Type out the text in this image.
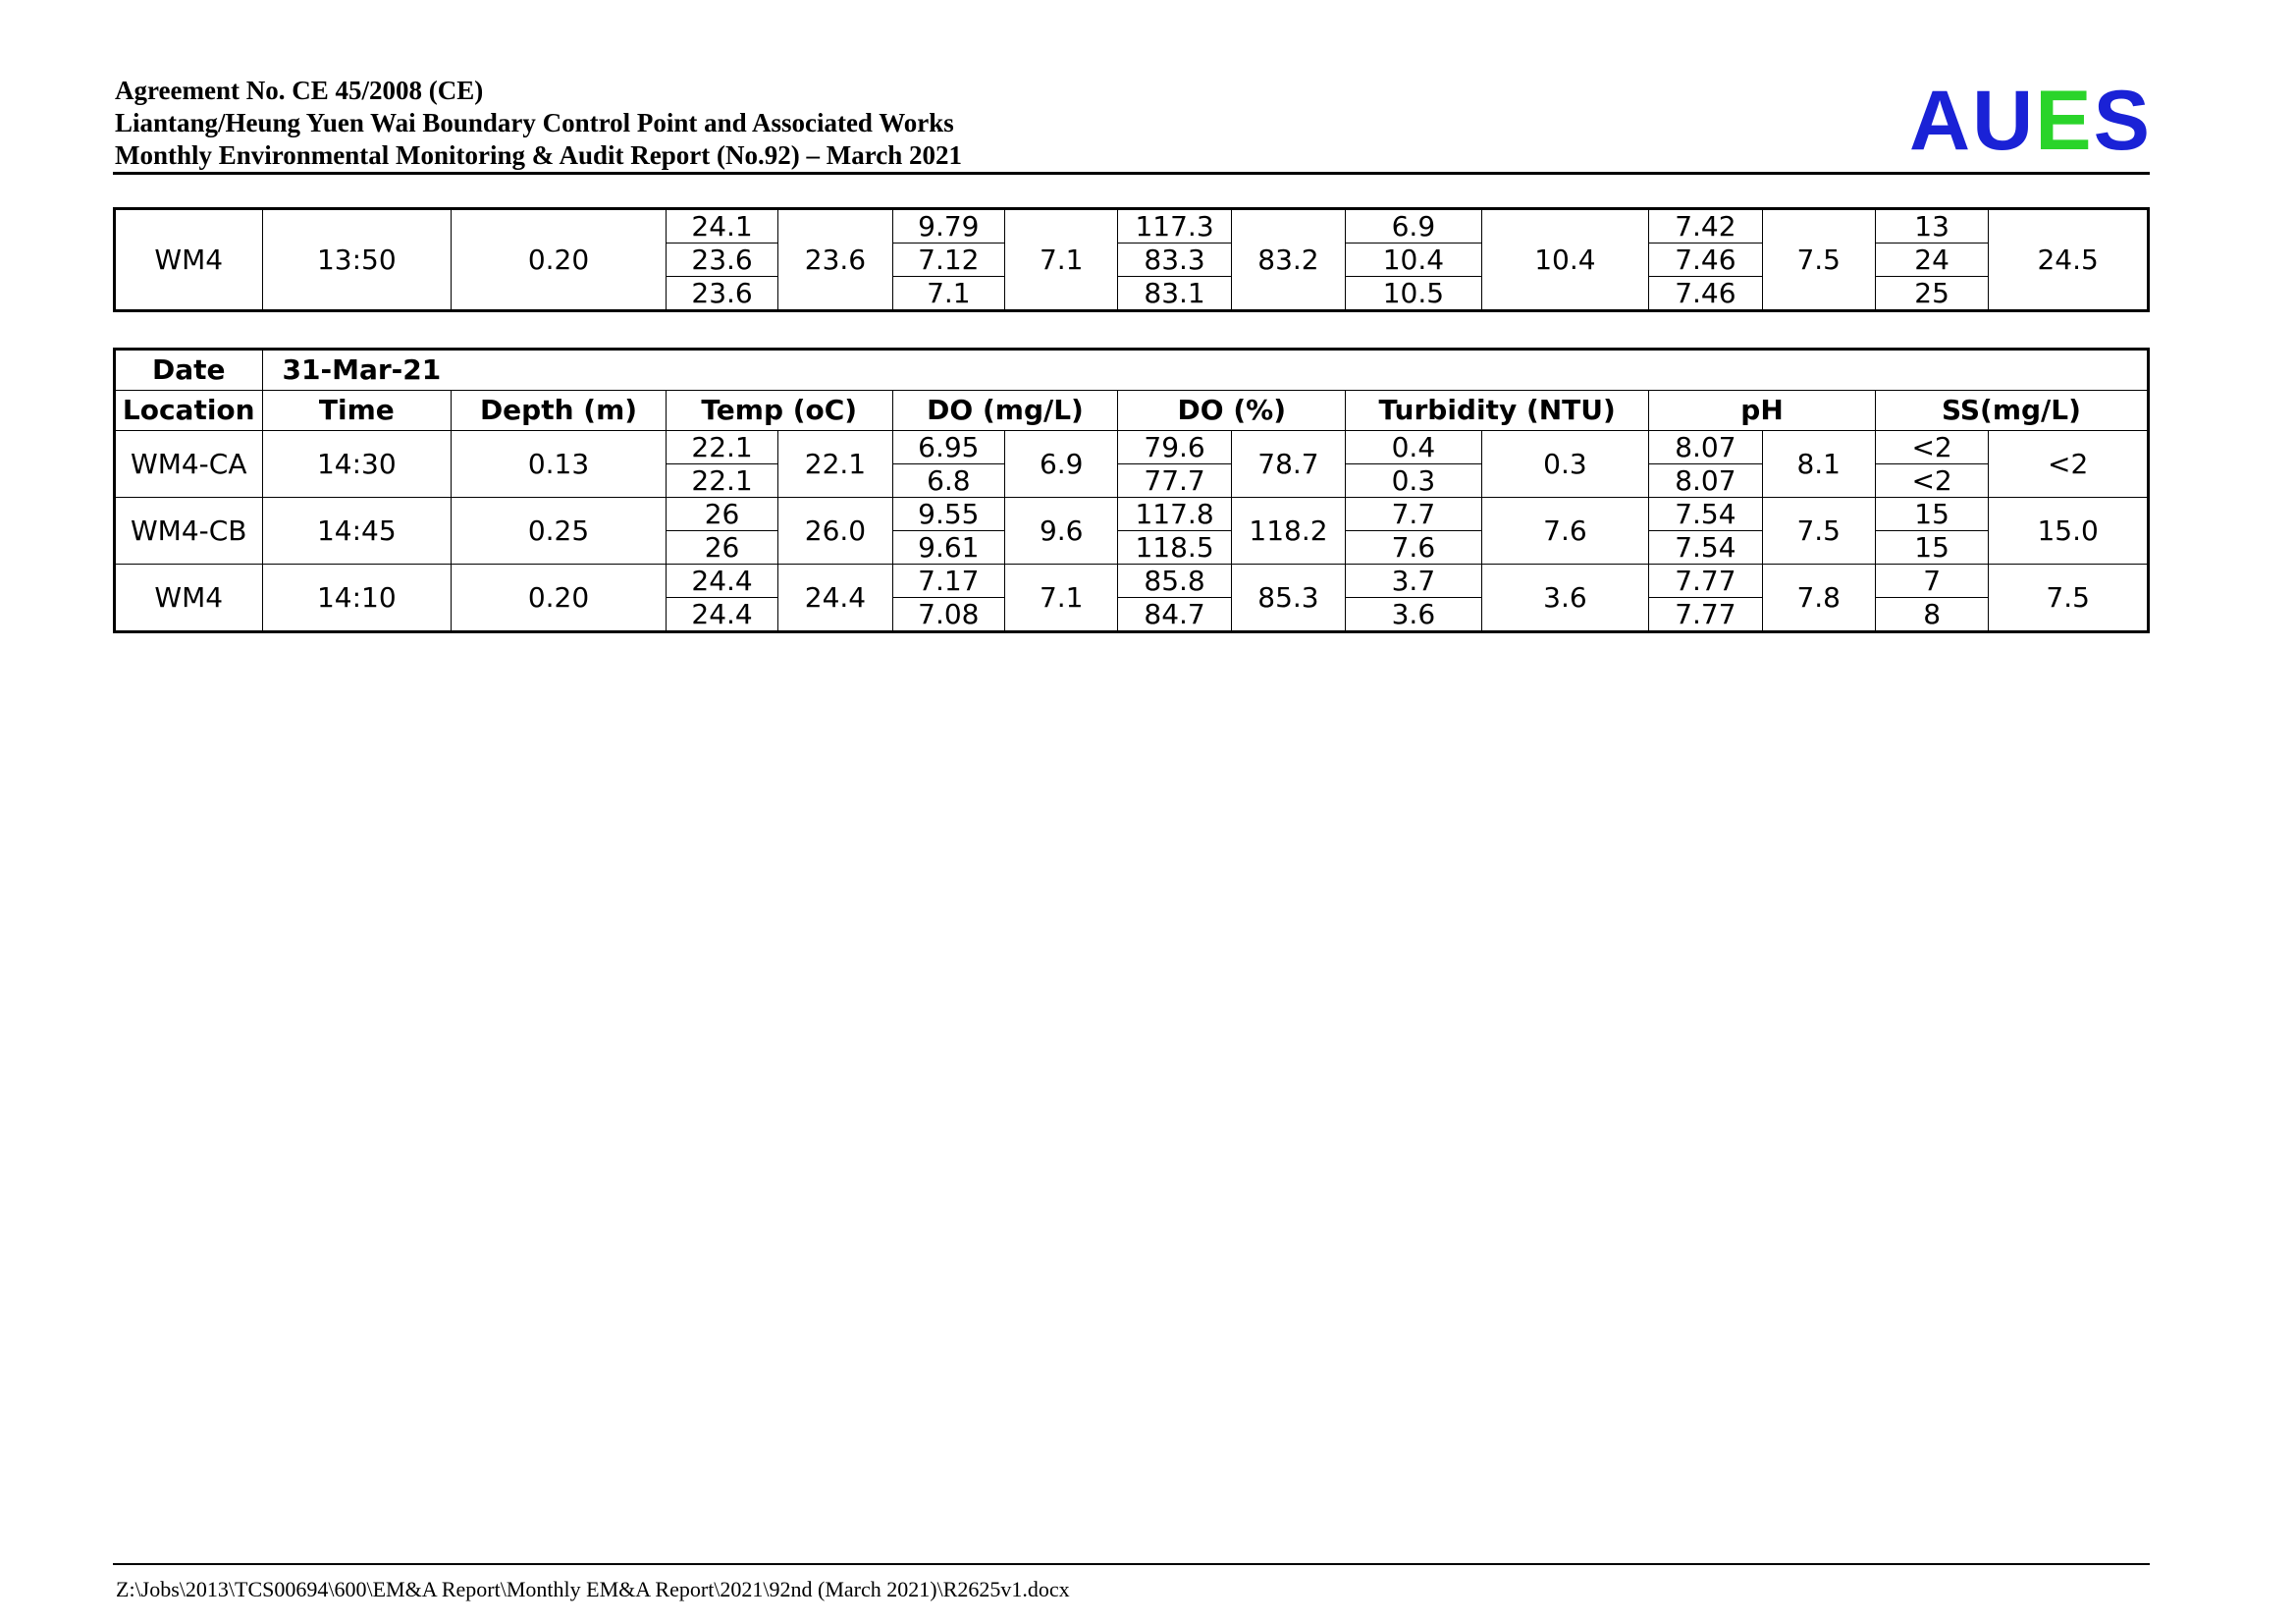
Agreement No. CE 45/2008 (CE)
Liantang/Heung Yuen Wai Boundary Control Point and Associated Works
Monthly Environmental Monitoring & Audit Report (No.92) – March 2021	AUES
WM4	13:50	0.20	24.1	23.6	9.79	7.1	117.3	83.2	6.9	10.4	7.42	7.5	13	24.5
			23.6		7.12		83.3		10.4		7.46		24	
			23.6		7.1		83.1		10.5		7.46		25	
Date	31-Mar-21													
Location	Time	Depth (m)	Temp (oC)		DO (mg/L)		DO (%)		Turbidity (NTU)		pH		SS(mg/L)	
WM4-CA	14:30	0.13	22.1	22.1	6.95	6.9	79.6	78.7	0.4	0.3	8.07	8.1	<2	<2
			22.1		6.8		77.7		0.3		8.07		<2	
WM4-CB	14:45	0.25	26	26.0	9.55	9.6	117.8	118.2	7.7	7.6	7.54	7.5	15	15.0
			26		9.61		118.5		7.6		7.54		15	
WM4	14:10	0.20	24.4	24.4	7.17	7.1	85.8	85.3	3.7	3.6	7.77	7.8	7	7.5
			24.4		7.08		84.7		3.6		7.77		8	
Z:\Jobs\2013\TCS00694\600\EM&A Report\Monthly EM&A Report\2021\92nd (March 2021)\R2625v1.docx
